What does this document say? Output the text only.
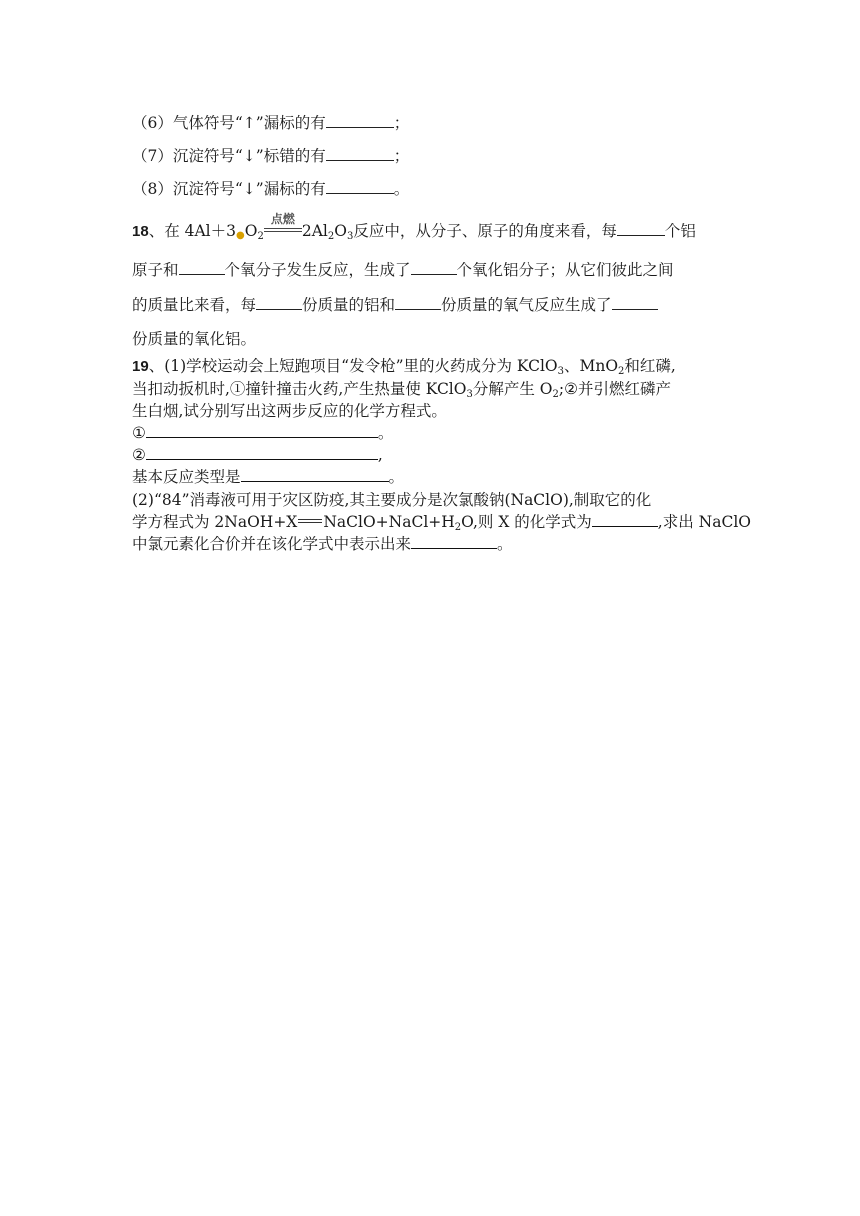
（6）气体符号“↑”漏标的有	；
（7）沉淀符号“↓”标错的有	；
（8）沉淀符号“↓”漏标的有	。
18、在 $4Al+3●O_2$
点燃
$2Al_2O_3$反应中，从分子、原子的角度来看，每	个铝
原子和	个氧分子发生反应，生成了	个氧化铝分子；从它们彼此之间
的质量比来看，每	份质量的铝和	份质量的氧气反应生成了
份质量的氧化铝。
19、(1)学校运动会上短跑项目“发令枪”里的火药成分为 KClO$_3$、MnO$_2$和红磷,
当扣动扳机时,①撞针撞击火药,产生热量使 KClO$_3$分解产生 $O_2;②$并引燃红磷产
生白烟,试分别写出这两步反应的化学方程式。
①	。
②	,
基本反应类型是	。
(2)“84”消毒液可用于灾区防疫,其主要成分是次氯酸钠(NaClO),制取它的化
学方程式为 2NaOH+X $NaClO+NaCl+H_2O$,则 X 的化学式为	,求出 NaClO
中氯元素化合价并在该化学式中表示出来	。
